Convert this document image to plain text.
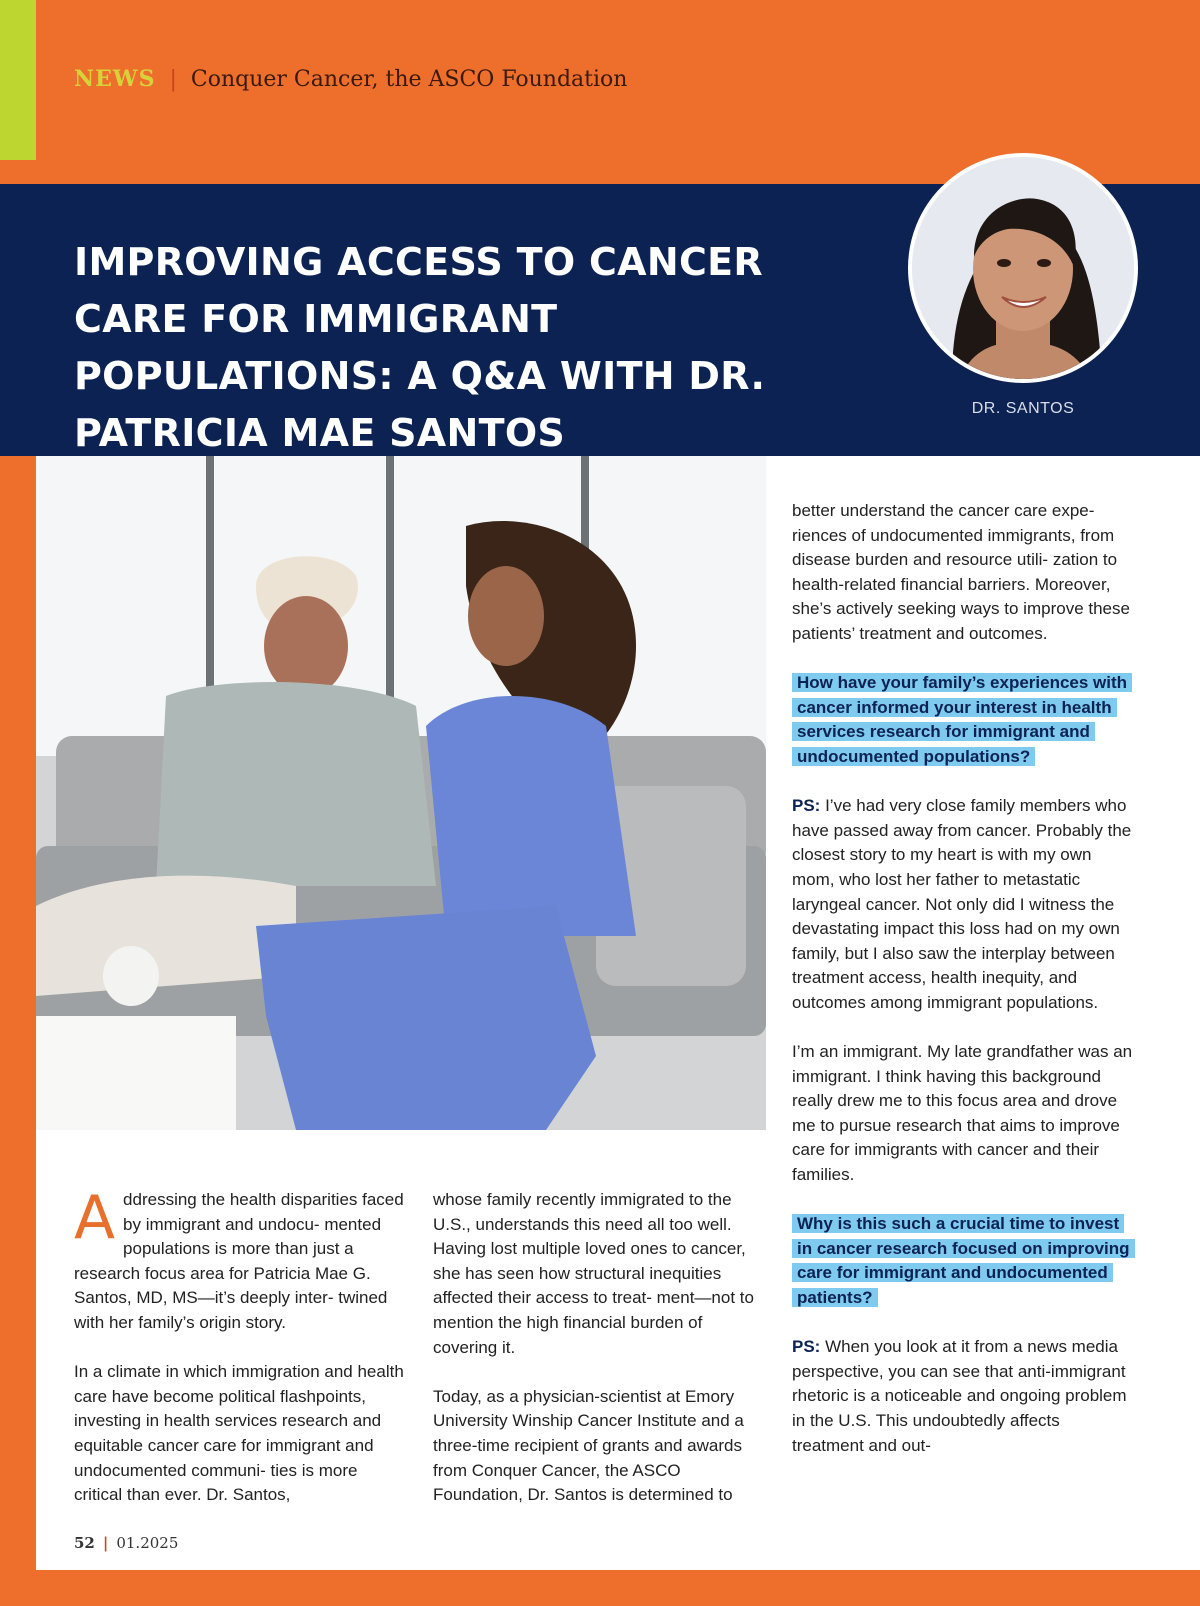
NEWS | Conquer Cancer, the ASCO Foundation
IMPROVING ACCESS TO CANCER CARE FOR IMMIGRANT POPULATIONS: A Q&A WITH DR. PATRICIA MAE SANTOS
DR. SANTOS
A ddressing the health disparities faced by immigrant and undocu- mented populations is more than just a research focus area for Patricia Mae G. Santos, MD, MS—it’s deeply inter- twined with her family’s origin story.

In a climate in which immigration and health care have become political flashpoints, investing in health services research and equitable cancer care for immigrant and undocumented communi- ties is more critical than ever. Dr. Santos,

whose family recently immigrated to the U.S., understands this need all too well. Having lost multiple loved ones to cancer, she has seen how structural inequities affected their access to treat- ment—not to mention the high financial burden of covering it.

Today, as a physician-scientist at Emory University Winship Cancer Institute and a three-time recipient of grants and awards from Conquer Cancer, the ASCO Foundation, Dr. Santos is determined to

better understand the cancer care expe- riences of undocumented immigrants, from disease burden and resource utili- zation to health-related financial barriers. Moreover, she’s actively seeking ways to improve these patients’ treatment and outcomes.

How have your family’s experiences with cancer informed your interest in health services research for immigrant and undocumented populations?

PS: I’ve had very close family members who have passed away from cancer. Probably the closest story to my heart is with my own mom, who lost her father to metastatic laryngeal cancer. Not only did I witness the devastating impact this loss had on my own family, but I also saw the interplay between treatment access, health inequity, and outcomes among immigrant populations.

I’m an immigrant. My late grandfather was an immigrant. I think having this background really drew me to this focus area and drove me to pursue research that aims to improve care for immigrants with cancer and their families.

Why is this such a crucial time to invest in cancer research focused on improving care for immigrant and undocumented patients?

PS: When you look at it from a news media perspective, you can see that anti-immigrant rhetoric is a noticeable and ongoing problem in the U.S. This undoubtedly affects treatment and out-

52 | 01.2025
